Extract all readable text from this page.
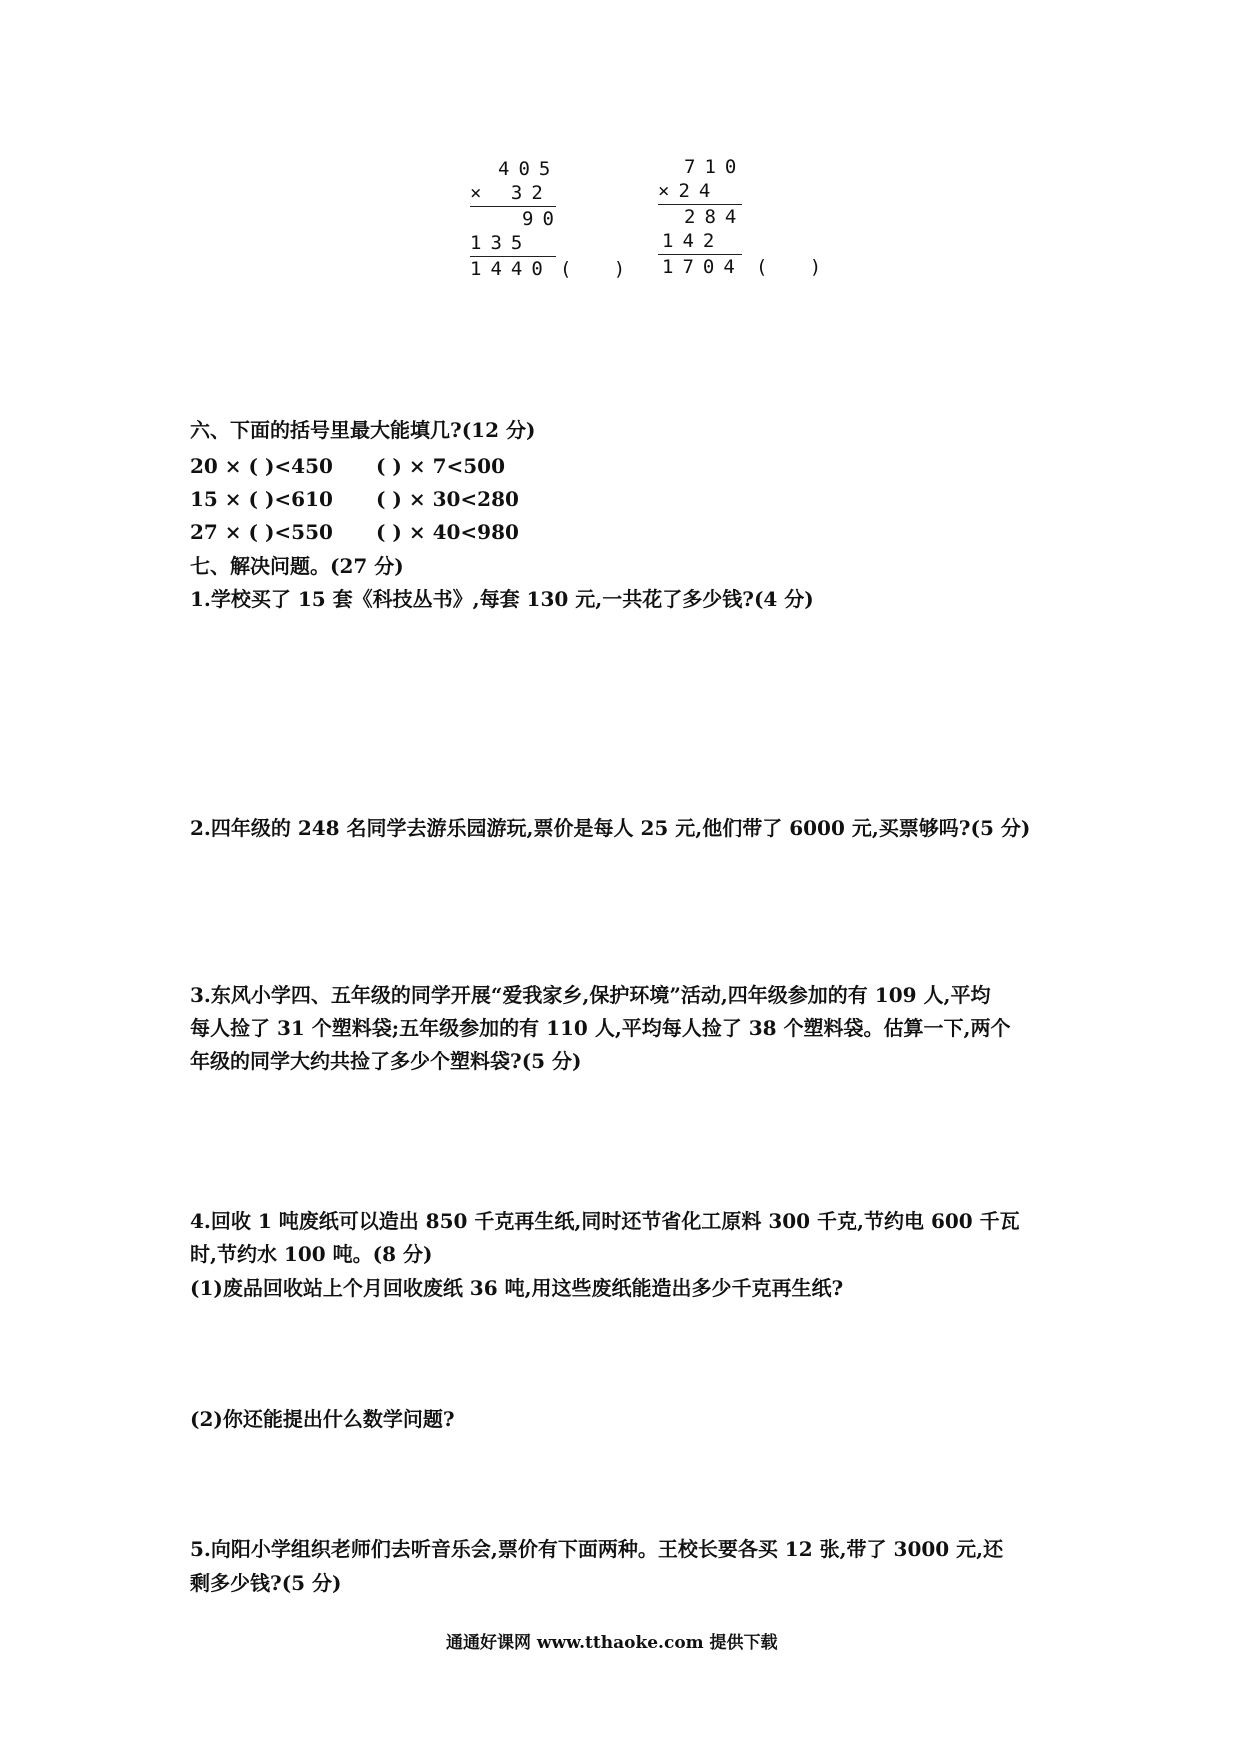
405
× 32
90
135
1440 (   )
710
×24
284
142
1704 (   )
六、下面的括号里最大能填几?(12 分)
20 × ( )<450 ( ) × 7<500
15 × ( )<610 ( ) × 30<280
27 × ( )<550 ( ) × 40<980
七、解决问题。(27 分)
1.学校买了 15 套《科技丛书》,每套 130 元,一共花了多少钱?(4 分)
2.四年级的 248 名同学去游乐园游玩,票价是每人 25 元,他们带了 6000 元,买票够吗?(5 分)
3.东风小学四、五年级的同学开展“爱我家乡,保护环境”活动,四年级参加的有 109 人,平均
每人捡了 31 个塑料袋;五年级参加的有 110 人,平均每人捡了 38 个塑料袋。估算一下,两个
年级的同学大约共捡了多少个塑料袋?(5 分)
4.回收 1 吨废纸可以造出 850 千克再生纸,同时还节省化工原料 300 千克,节约电 600 千瓦
时,节约水 100 吨。(8 分)
(1)废品回收站上个月回收废纸 36 吨,用这些废纸能造出多少千克再生纸?
(2)你还能提出什么数学问题?
5.向阳小学组织老师们去听音乐会,票价有下面两种。王校长要各买 12 张,带了 3000 元,还
剩多少钱?(5 分)
通通好课网 www.tthaoke.com 提供下载
